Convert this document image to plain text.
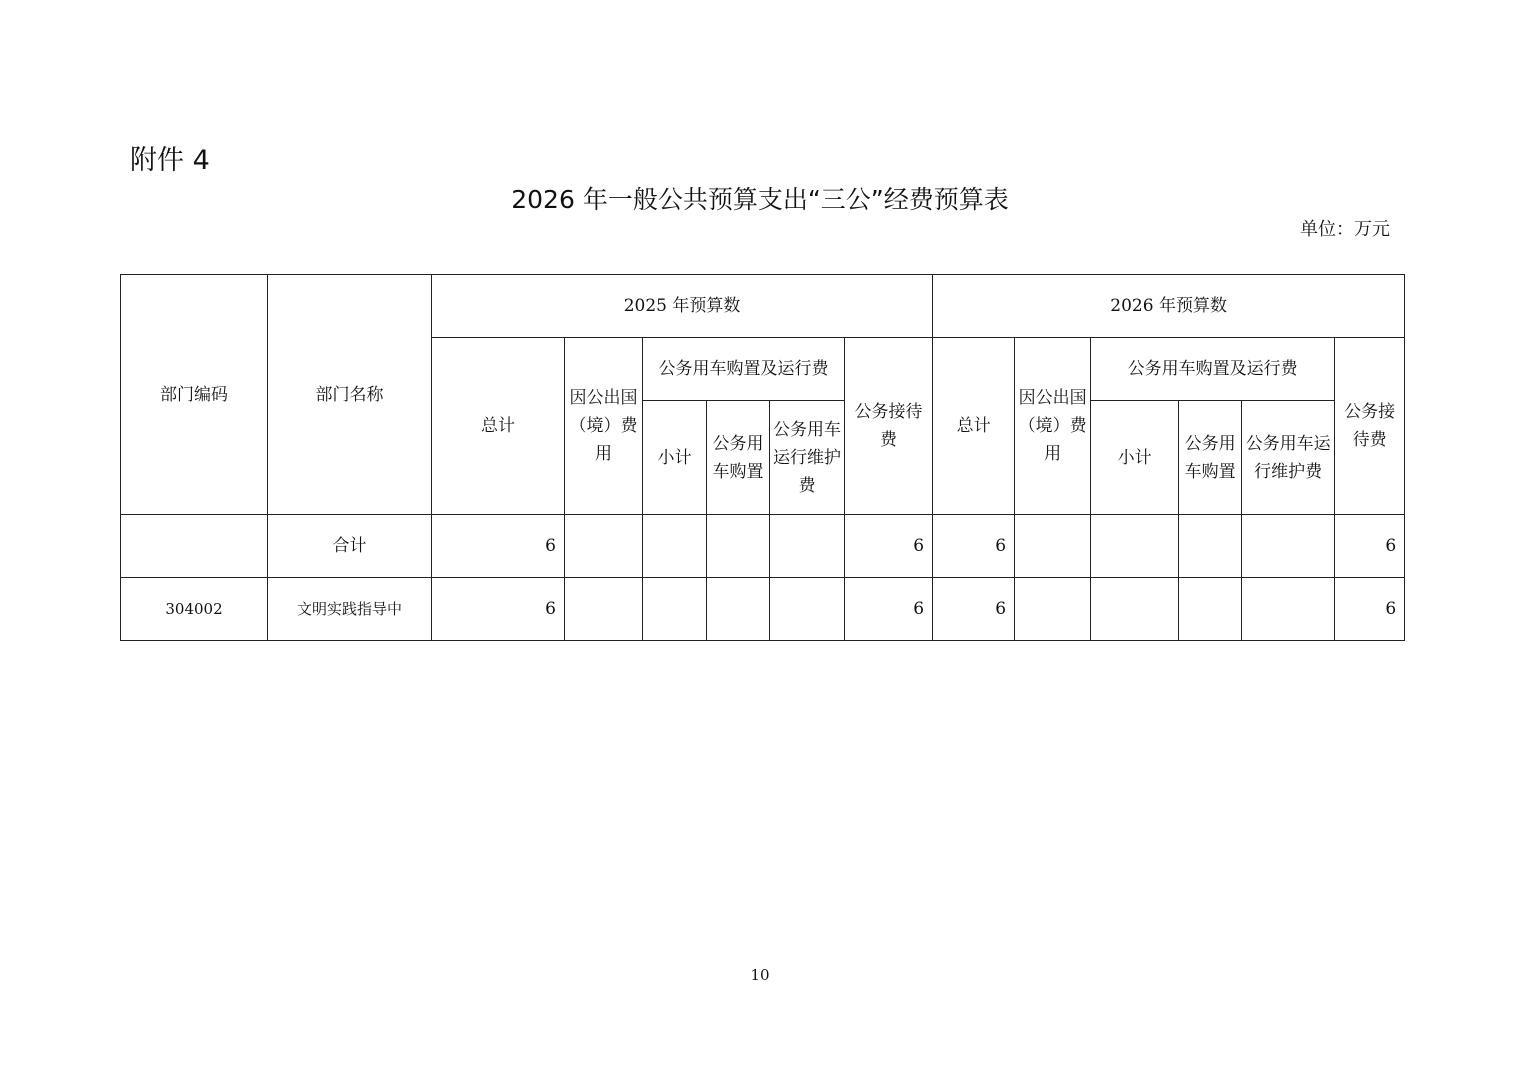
附件 4
2026 年一般公共预算支出“三公”经费预算表
单位：万元
部门编码	部门名称	2025 年预算数						2026 年预算数					
		总计	因公出国（境）费用	公务用车购置及运行费			公务接待费	总计	因公出国（境）费用	公务用车购置及运行费			公务接待费
				小计	公务用车购置	公务用车运行维护费				小计	公务用车购置	公务用车运行维护费	
	合计	6					6	6					6
304002	文明实践指导中	6					6	6					6
10
